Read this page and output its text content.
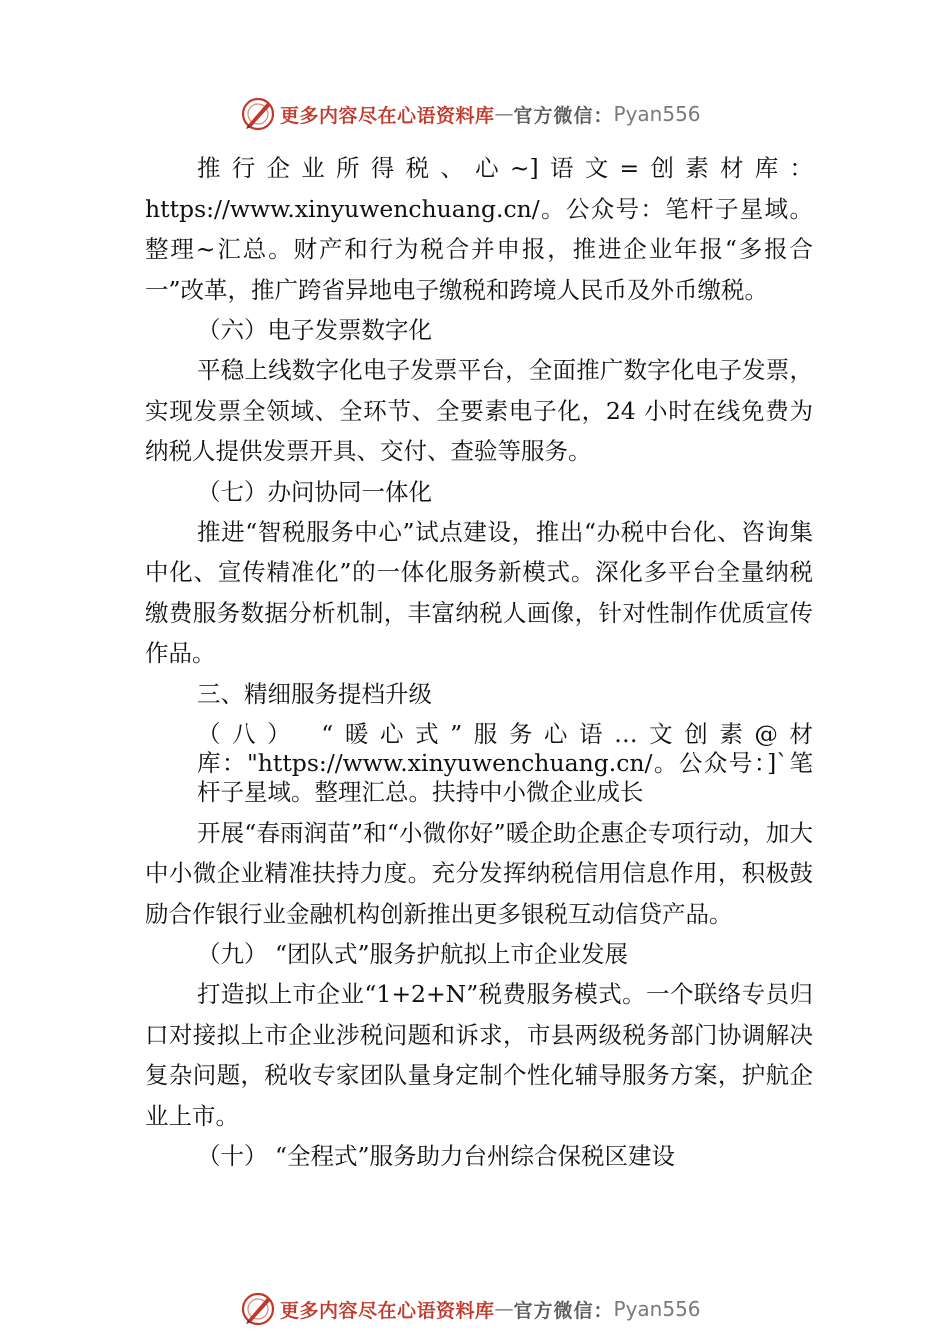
更多内容尽在心语资料库 — 官方微信： Pyan556

推行企业所得税、心~]语文=创素材库：https://www.xinyuwenchuang.cn/。公众号：笔杆子星域。整理~汇总。财产和行为税合并申报，推进企业年报“多报合一”改革，推广跨省异地电子缴税和跨境人民币及外币缴税。

（六）电子发票数字化

平稳上线数字化电子发票平台，全面推广数字化电子发票，实现发票全领域、全环节、全要素电子化，24 小时在线免费为纳税人提供发票开具、交付、查验等服务。

（七）办问协同一体化

推进“智税服务中心”试点建设，推出“办税中台化、咨询集中化、宣传精准化”的一体化服务新模式。深化多平台全量纳税缴费服务数据分析机制，丰富纳税人画像，针对性制作优质宣传作品。

三、精细服务提档升级

（八） “暖心式”服务心语…文创素@材库："https://www.xinyuwenchuang.cn/。公众号：]`笔杆子星域。整理汇总。扶持中小微企业成长

开展“春雨润苗”和“小微你好”暖企助企惠企专项行动，加大中小微企业精准扶持力度。充分发挥纳税信用信息作用，积极鼓励合作银行业金融机构创新推出更多银税互动信贷产品。

（九） “团队式”服务护航拟上市企业发展

打造拟上市企业“1+2+N”税费服务模式。一个联络专员归口对接拟上市企业涉税问题和诉求，市县两级税务部门协调解决复杂问题，税收专家团队量身定制个性化辅导服务方案，护航企业上市。

（十） “全程式”服务助力台州综合保税区建设

更多内容尽在心语资料库 — 官方微信： Pyan556
